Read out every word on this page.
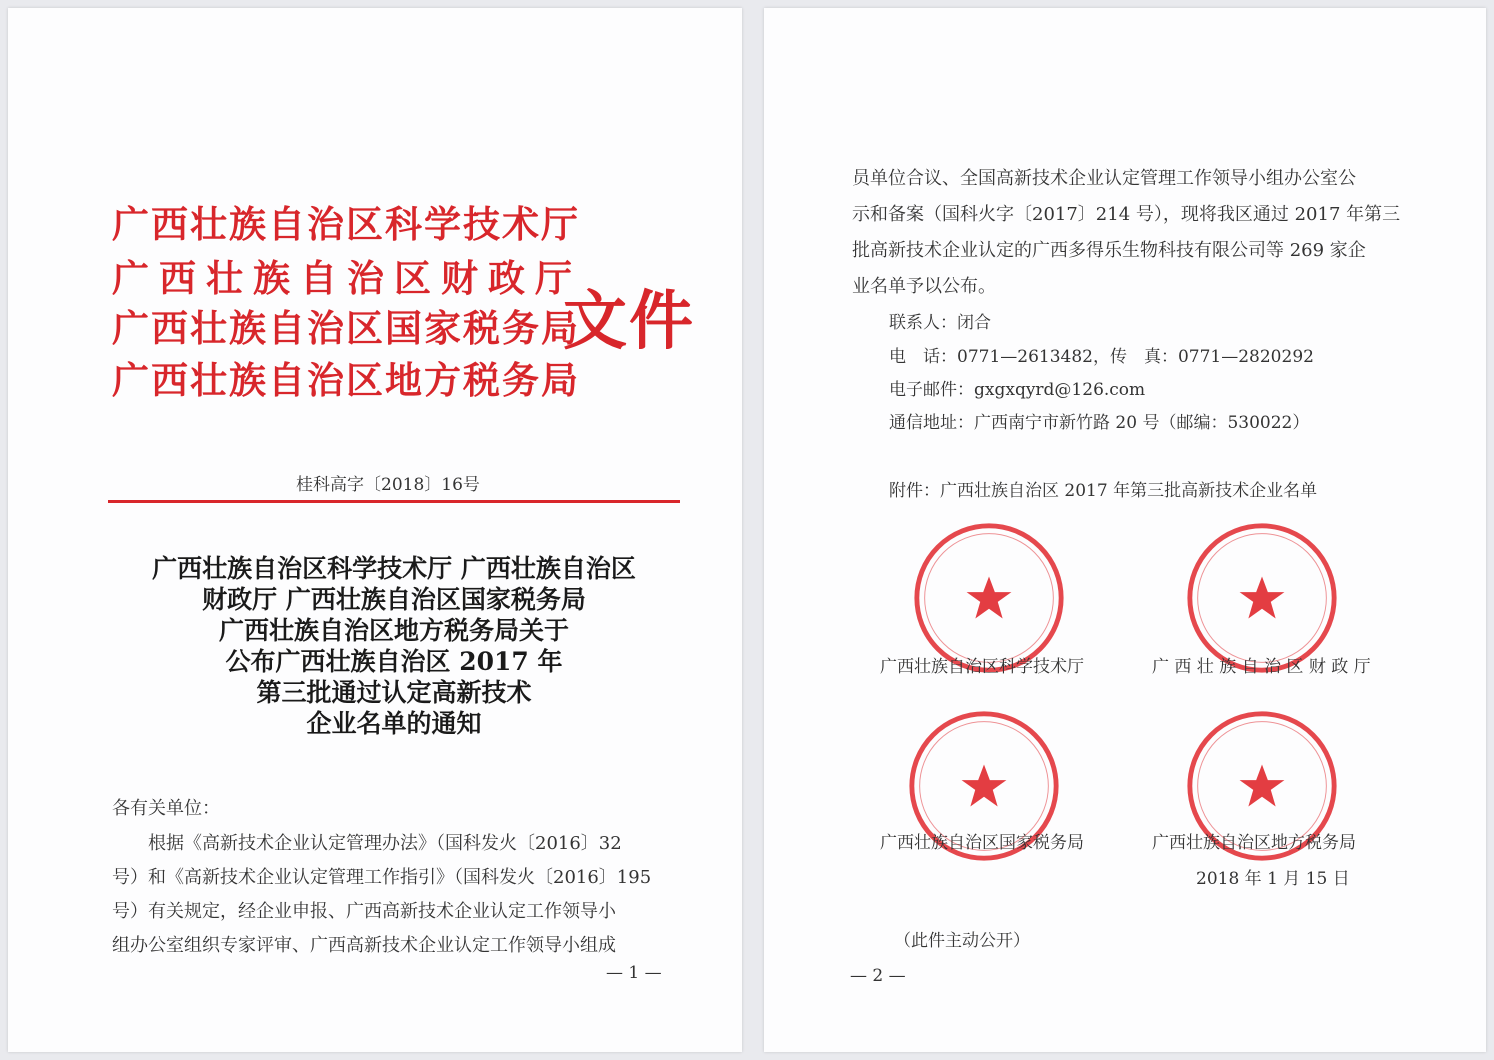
广西壮族自治区科学技术厅
广西壮族自治区财政厅
广西壮族自治区国家税务局
广西壮族自治区地方税务局
文件
桂科高字〔2018〕16号
广西壮族自治区科学技术厅 广西壮族自治区
财政厅 广西壮族自治区国家税务局
广西壮族自治区地方税务局关于
公布广西壮族自治区 2017 年
第三批通过认定高新技术
企业名单的通知
各有关单位：
　　根据《高新技术企业认定管理办法》（国科发火〔2016〕32
号）和《高新技术企业认定管理工作指引》（国科发火〔2016〕195
号）有关规定，经企业申报、广西高新技术企业认定工作领导小
组办公室组织专家评审、广西高新技术企业认定工作领导小组成
— 1 —
员单位合议、全国高新技术企业认定管理工作领导小组办公室公
示和备案（国科火字〔2017〕214 号），现将我区通过 2017 年第三
批高新技术企业认定的广西多得乐生物科技有限公司等 269 家企
业名单予以公布。
联系人：闭合
电　话：0771—2613482，传　真：0771—2820292
电子邮件：gxgxqyrd@126.com
通信地址：广西南宁市新竹路 20 号（邮编：530022）
附件：广西壮族自治区 2017 年第三批高新技术企业名单
广西壮族自治区科学技术厅	广 西 壮 族 自 治 区 财 政 厅
广西壮族自治区国家税务局	广西壮族自治区地方税务局
2018 年 1 月 15 日
（此件主动公开）
— 2 —
